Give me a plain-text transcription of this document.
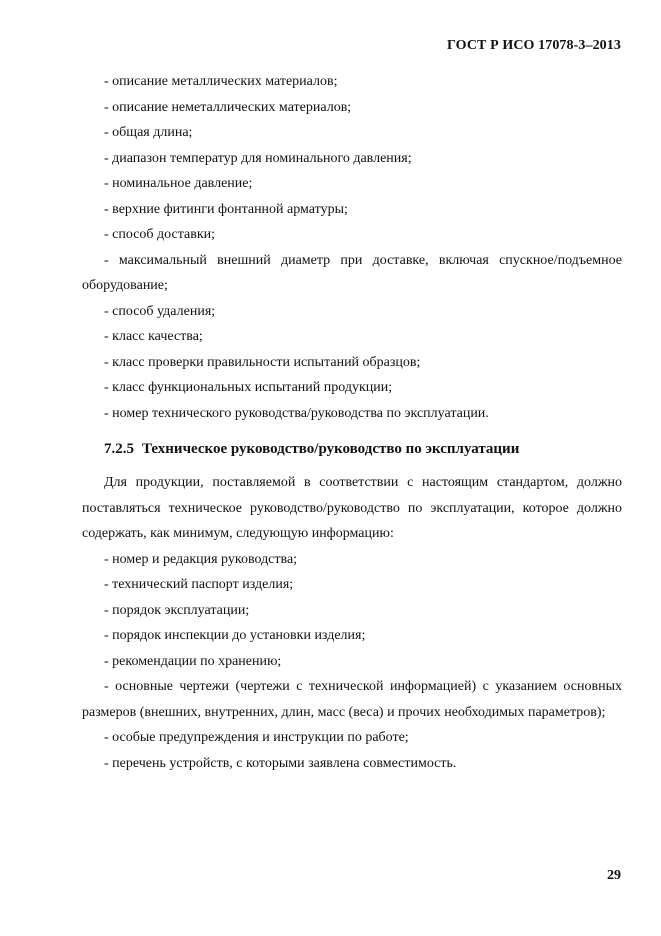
ГОСТ Р ИСО 17078-3–2013

- описание металлических материалов;

- описание неметаллических материалов;

- общая длина;

- диапазон температур для номинального давления;

- номинальное давление;

- верхние фитинги фонтанной арматуры;

- способ доставки;

- максимальный внешний диаметр при доставке, включая спускное/подъемное оборудование;

- способ удаления;

- класс качества;

- класс проверки правильности испытаний образцов;

- класс функциональных испытаний продукции;

- номер технического руководства/руководства по эксплуатации.

7.2.5 Техническое руководство/руководство по эксплуатации

Для продукции, поставляемой в соответствии с настоящим стандартом, должно поставляться техническое руководство/руководство по эксплуатации, которое должно содержать, как минимум, следующую информацию:

- номер и редакция руководства;

- технический паспорт изделия;

- порядок эксплуатации;

- порядок инспекции до установки изделия;

- рекомендации по хранению;

- основные чертежи (чертежи с технической информацией) с указанием основных размеров (внешних, внутренних, длин, масс (веса) и прочих необходимых параметров);

- особые предупреждения и инструкции по работе;

- перечень устройств, с которыми заявлена совместимость.

29
